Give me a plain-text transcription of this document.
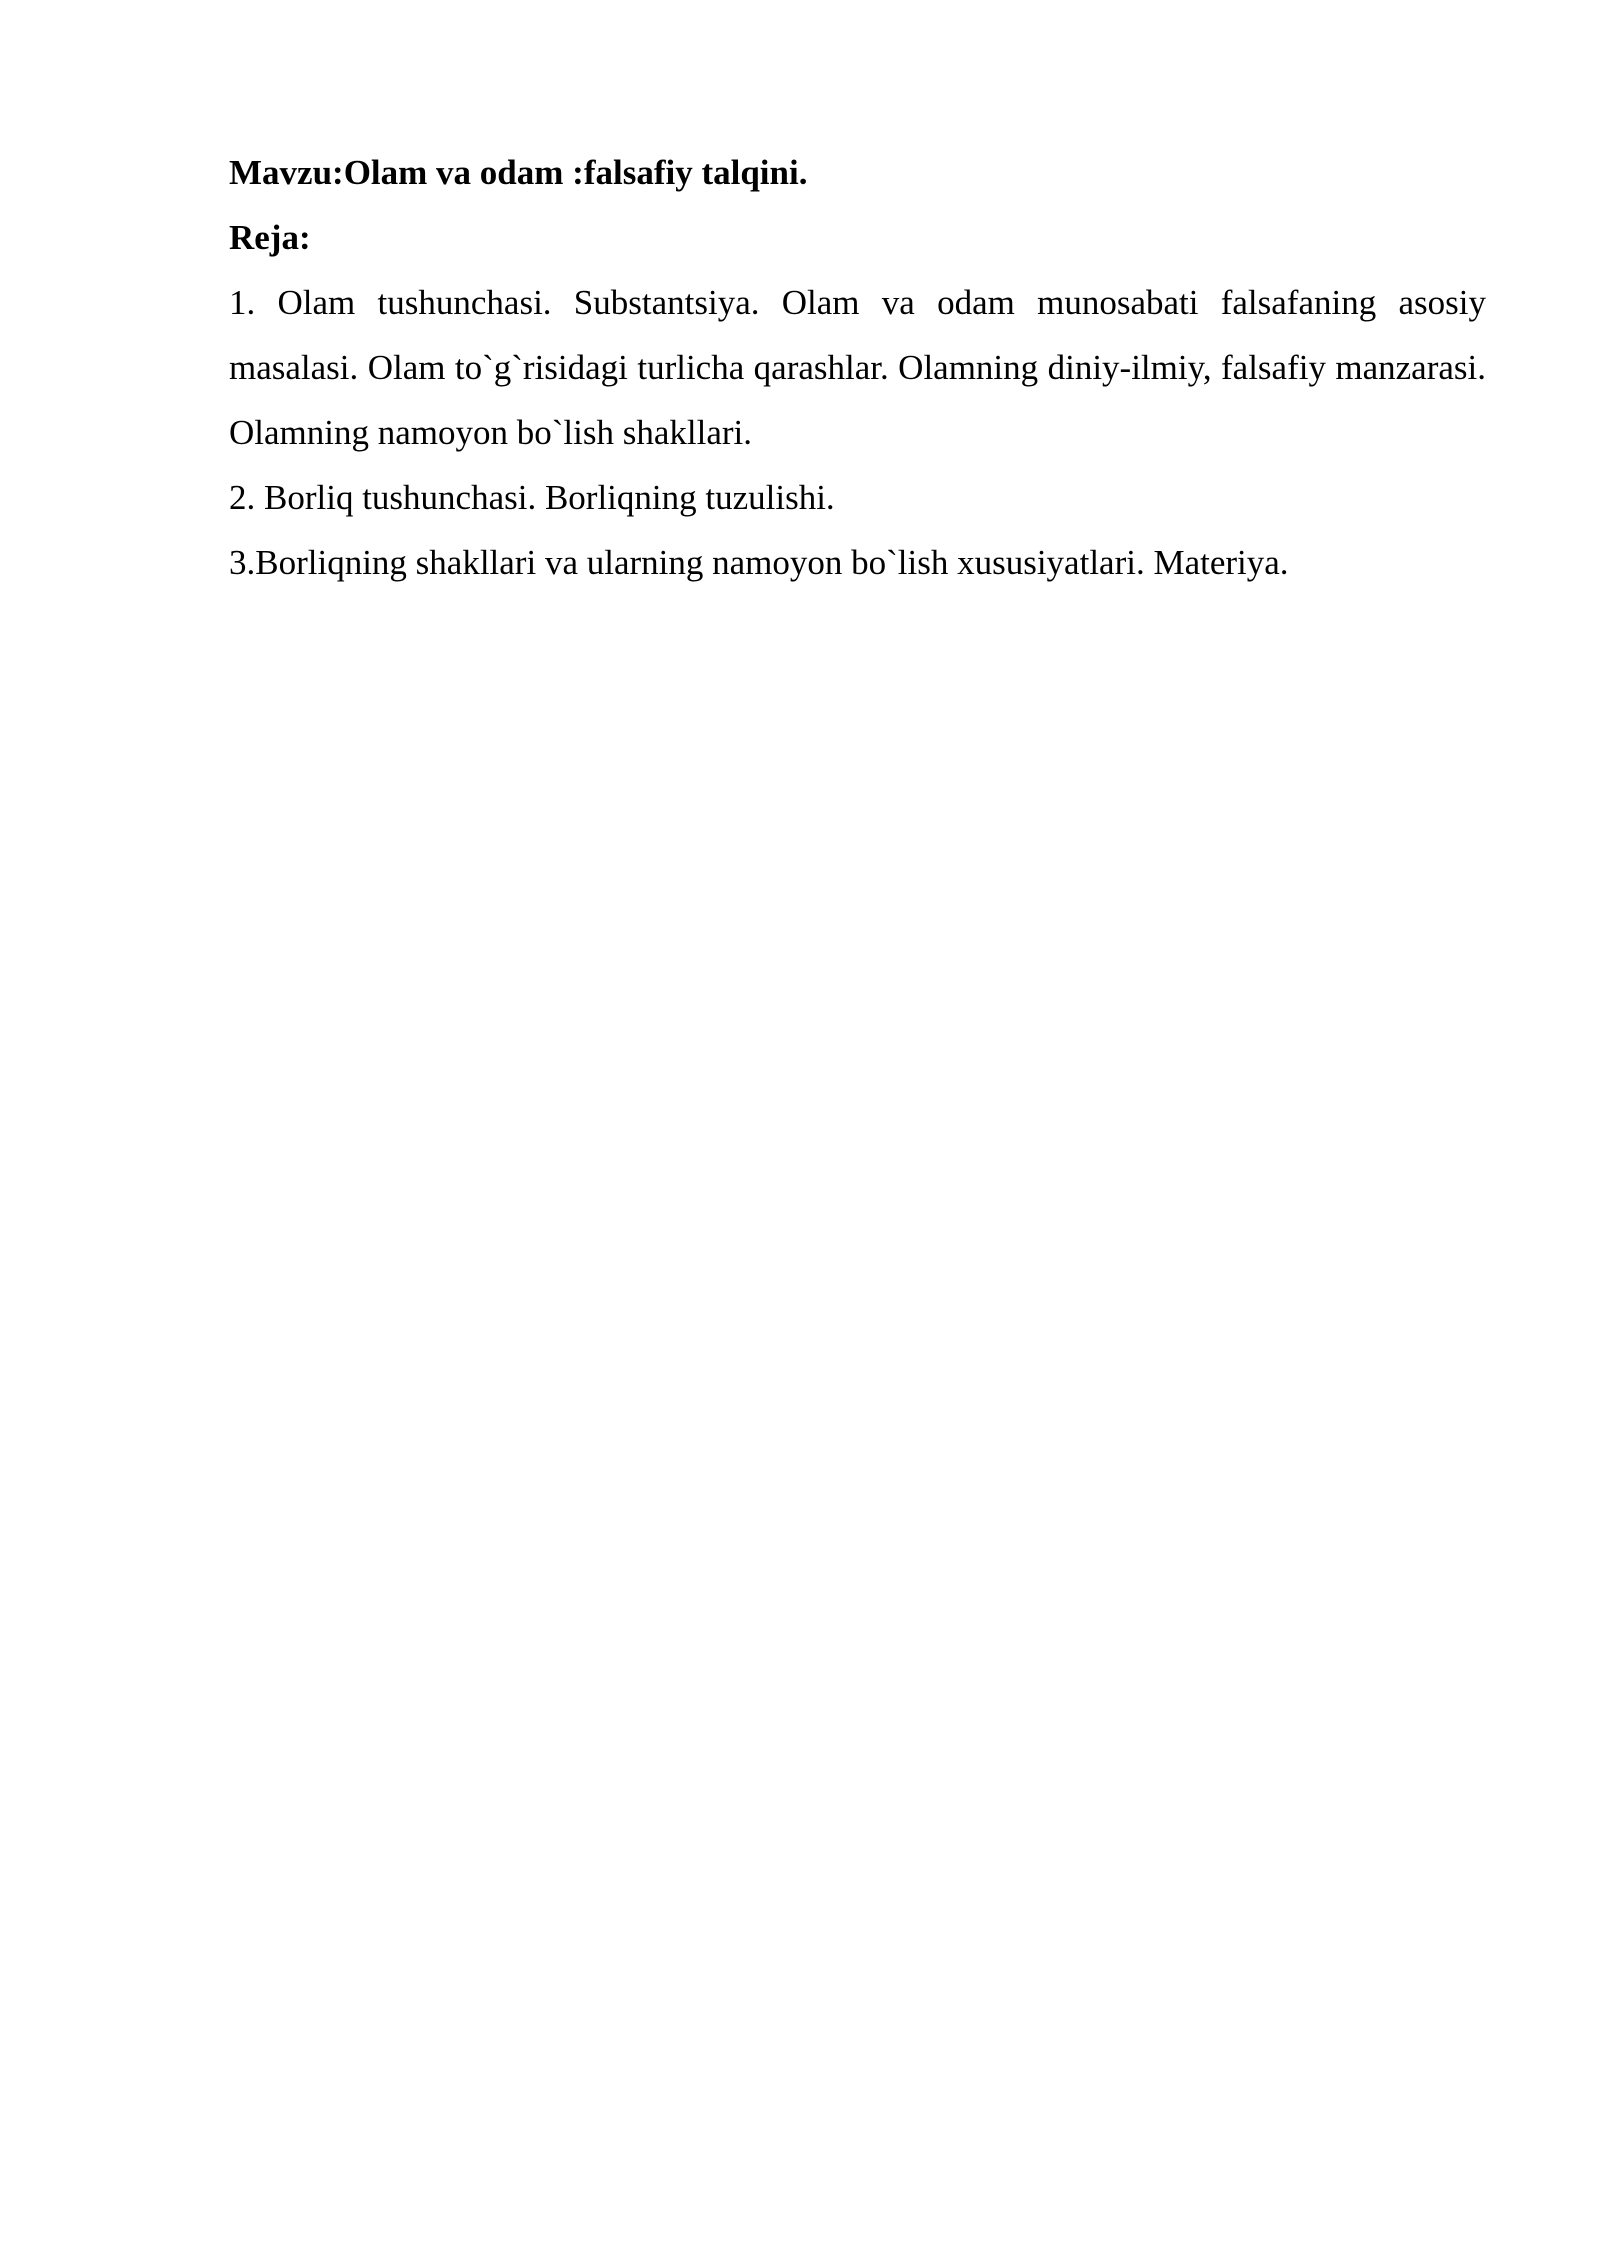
Mavzu:Olam va odam :falsafiy talqini.

Reja:

1. Olam tushunchasi. Substantsiya. Olam va odam munosabati falsafaning asosiy masalasi. Olam to`g`risidagi turlicha qarashlar. Olamning diniy-ilmiy, falsafiy manzarasi. Olamning namoyon bo`lish shakllari.

2. Borliq tushunchasi. Borliqning tuzulishi.

3.Borliqning shakllari va ularning namoyon bo`lish xususiyatlari. Materiya.
